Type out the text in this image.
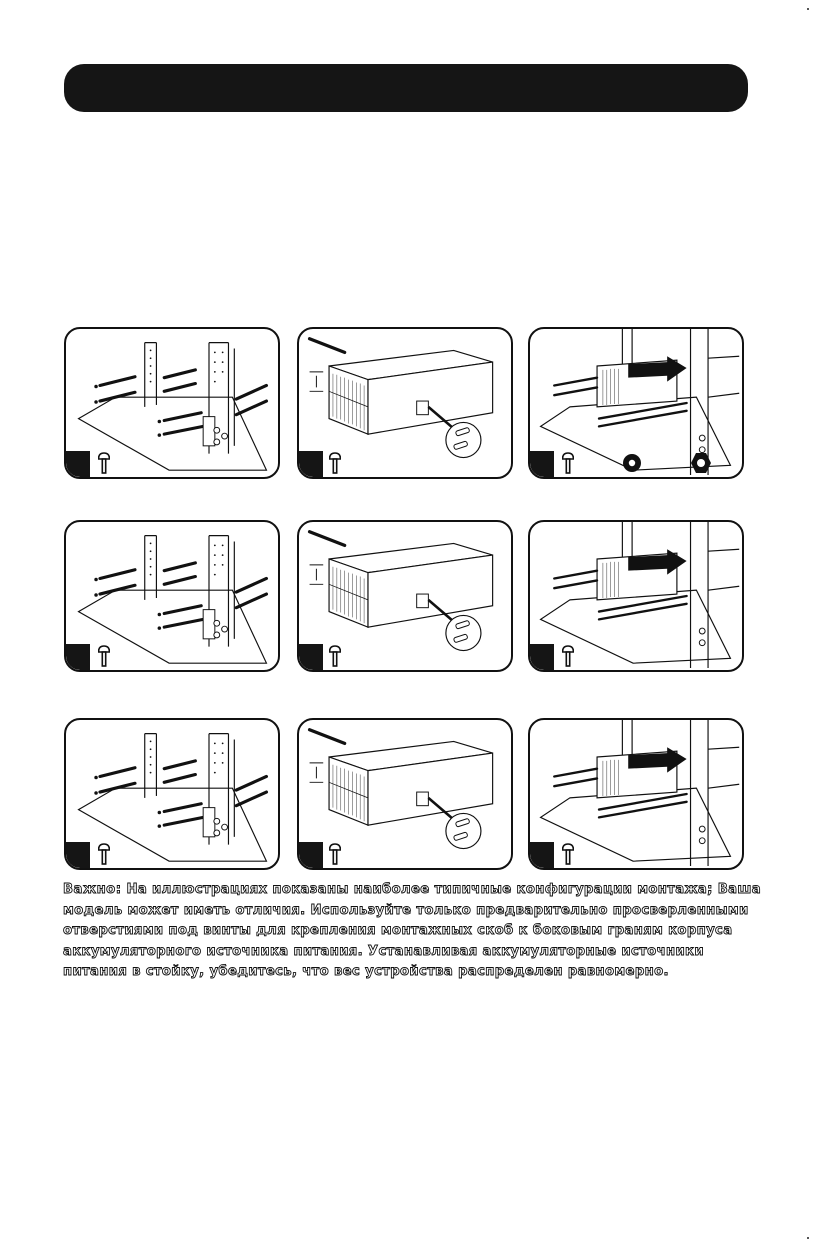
Важно: На иллюстрациях показаны наиболее типичные конфигурации монтажа; Ваша модель может иметь отличия. Используйте только предварительно просверленными отверстиями под винты для крепления монтажных скоб к боковым граням корпуса аккумуляторного источника питания. Устанавливая аккумуляторные источники питания в стойку, убедитесь, что вес устройства распределен равномерно.
